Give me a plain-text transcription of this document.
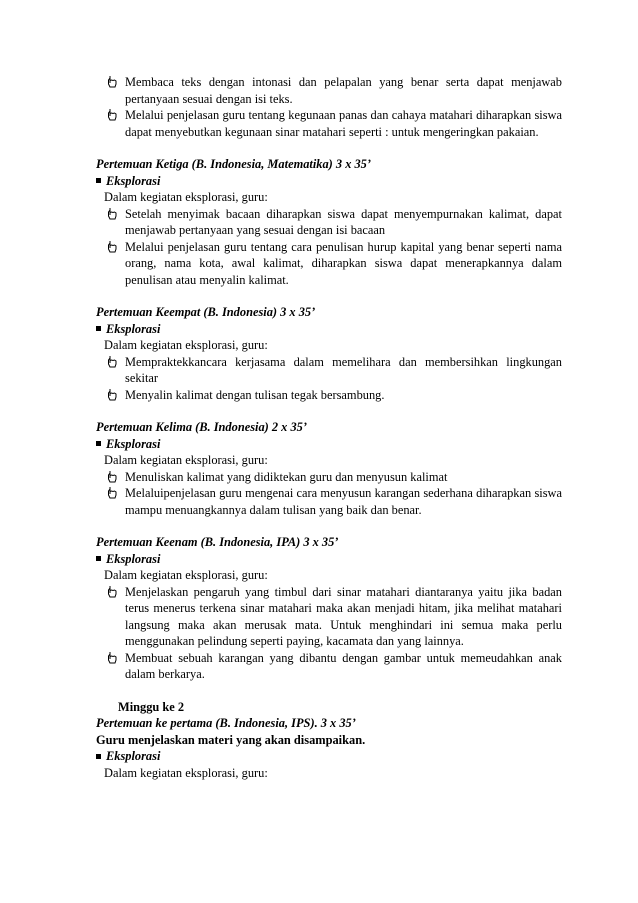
Membaca teks dengan intonasi dan pelapalan yang benar serta dapat menjawab pertanyaan sesuai dengan isi teks.
Melalui penjelasan guru tentang kegunaan panas dan cahaya matahari diharapkan siswa dapat menyebutkan kegunaan sinar matahari seperti : untuk mengeringkan pakaian.
Pertemuan Ketiga (B. Indonesia, Matematika) 3 x 35’
Eksplorasi
Dalam kegiatan eksplorasi, guru:
Setelah menyimak bacaan diharapkan siswa dapat menyempurnakan kalimat, dapat menjawab pertanyaan yang sesuai dengan isi bacaan
Melalui penjelasan guru tentang cara penulisan hurup kapital yang benar seperti nama orang, nama kota, awal kalimat, diharapkan siswa dapat menerapkannya dalam penulisan atau menyalin kalimat.
Pertemuan Keempat (B. Indonesia) 3 x 35’
Eksplorasi
Dalam kegiatan eksplorasi, guru:
Mempraktekkancara kerjasama dalam memelihara dan membersihkan lingkungan sekitar
Menyalin kalimat dengan tulisan tegak bersambung.
Pertemuan Kelima (B. Indonesia) 2 x 35’
Eksplorasi
Dalam kegiatan eksplorasi, guru:
Menuliskan kalimat yang didiktekan guru dan menyusun kalimat
Melaluipenjelasan guru mengenai cara menyusun karangan sederhana diharapkan siswa mampu menuangkannya dalam tulisan yang baik dan benar.
Pertemuan Keenam (B. Indonesia, IPA) 3 x 35’
Eksplorasi
Dalam kegiatan eksplorasi, guru:
Menjelaskan pengaruh yang timbul dari sinar matahari diantaranya yaitu jika badan terus menerus terkena sinar matahari maka akan menjadi hitam, jika melihat matahari langsung maka akan merusak mata. Untuk menghindari ini semua maka perlu menggunakan pelindung seperti paying, kacamata dan yang lainnya.
Membuat sebuah karangan yang dibantu dengan gambar untuk memeudahkan anak dalam berkarya.
Minggu ke 2
Pertemuan ke pertama (B. Indonesia, IPS). 3 x 35’
Guru menjelaskan materi yang akan disampaikan.
Eksplorasi
Dalam kegiatan eksplorasi, guru:
